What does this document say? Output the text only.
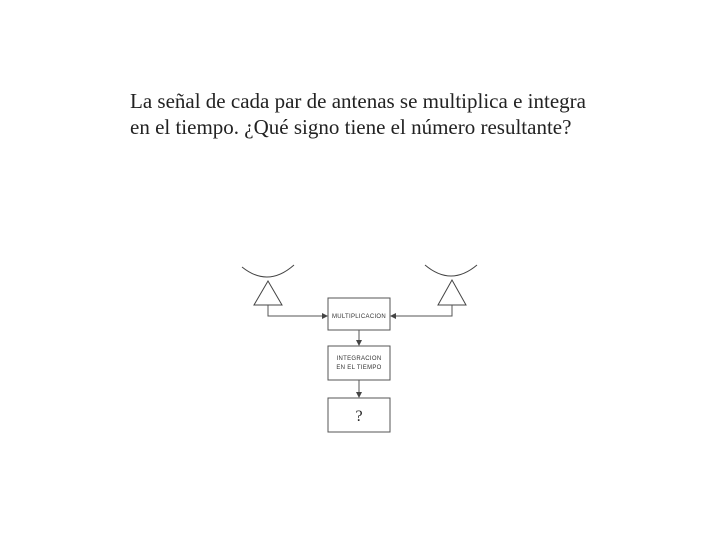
La señal de cada par de antenas se multiplica e integra
en el tiempo. ¿Qué signo tiene el número resultante?
MULTIPLICACION
INTEGRACION
EN EL TIEMPO
?
